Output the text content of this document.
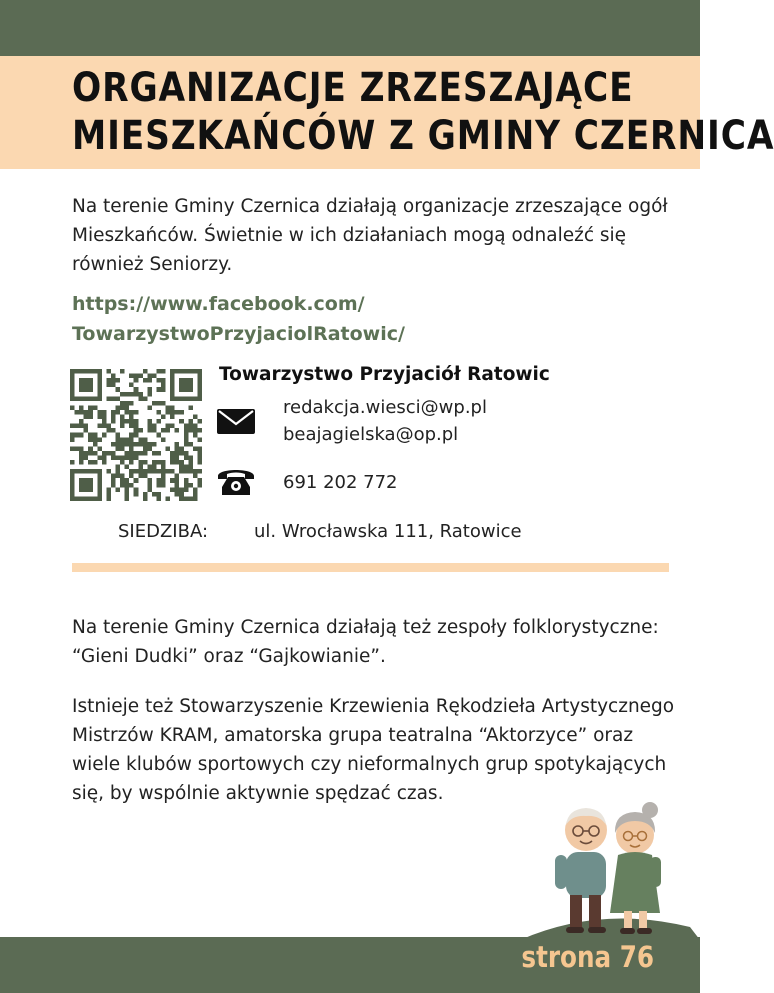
ORGANIZACJE ZRZESZAJĄCE
MIESZKAŃCÓW Z GMINY CZERNICA

Na terenie Gminy Czernica działają organizacje zrzeszające ogół Mieszkańców. Świetnie w ich działaniach mogą odnaleźć się również Seniorzy.

https://www.facebook.com/
TowarzystwoPrzyjaciolRatowic/
Towarzystwo Przyjaciół Ratowic
redakcja.wiesci@wp.pl
beajagielska@op.pl
691 202 772
SIEDZIBA:	ul. Wrocławska 111, Ratowice

Na terenie Gminy Czernica działają też zespoły folklorystyczne: “Gieni Dudki” oraz “Gajkowianie”.

Istnieje też Stowarzyszenie Krzewienia Rękodzieła Artystycznego Mistrzów KRAM, amatorska grupa teatralna “Aktorzyce” oraz wiele klubów sportowych czy nieformalnych grup spotykających się, by wspólnie aktywnie spędzać czas.

strona 76
